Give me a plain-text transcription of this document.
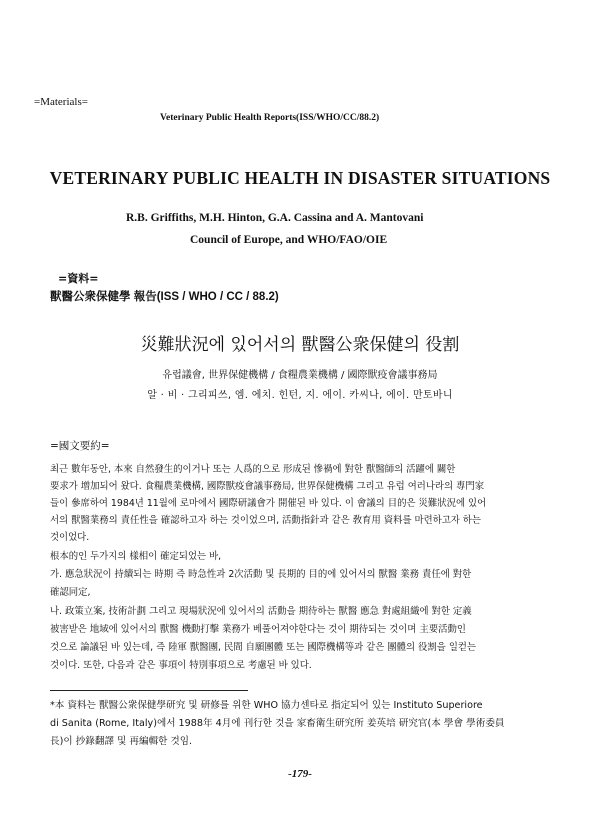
=Materials=
Veterinary Public Health Reports(ISS/WHO/CC/88.2)
VETERINARY PUBLIC HEALTH IN DISASTER SITUATIONS
R.B. Griffiths, M.H. Hinton, G.A. Cassina and A. Mantovani
Council of Europe, and WHO/FAO/OIE
=資料=
獸醫公衆保健學 報告(ISS / WHO / CC / 88.2)
災難狀況에 있어서의 獸醫公衆保健의 役割
유럽議會, 世界保健機構 / 食糧農業機構 / 國際獸疫會議事務局
알 · 비 · 그리피쓰, 엠. 에치. 힌턴, 지. 에이. 카씨나, 에이. 만토바니
=國文要約=
최근 數年동안, 本來 自然發生的이거나 또는 人爲的으로 形成된 慘禍에 對한 獸醫師의 活躍에 關한
要求가 增加되어 왔다. 食糧農業機構, 國際獸疫會議事務局, 世界保健機構 그리고 유럽 여러나라의 專門家
들이 參席하여 1984년 11월에 로마에서 國際研議會가 開催된 바 있다. 이 會議의 目的은 災難狀況에 있어
서의 獸醫業務의 責任性을 確認하고자 하는 것이었으며, 活動指針과 같은 敎育用 資料를 마련하고자 하는
것이었다.
根本的인 두가지의 樣相이 確定되었는 바,
가. 應急狀況이 持續되는 時期 즉 時急性과 2次活動 및 長期的 目的에 있어서의 獸醫 業務 責任에 對한
確認同定,
나. 政策立案, 技術計劃 그리고 現場狀況에 있어서의 活動을 期待하는 獸醫 應急 對處組織에 對한 定義
被害받은 地域에 있어서의 獸醫 機動打擊 業務가 베풀어져야한다는 것이 期待되는 것이며 主要活動인
것으로 論議된 바 있는데, 즉 陸軍 獸醫團, 民間 自願團體 또는 國際機構等과 같은 團體의 役割을 일컫는
것이다. 또한, 다음과 같은 事項이 特別事項으로 考慮된 바 있다.
*本 資料는 獸醫公衆保健學研究 및 研修를 위한 WHO 協力센타로 指定되어 있는 Institut⁠o Superiore
di Sanita (Rome, Italy)에서 1988年 4月에 刊行한 것을 家畜衛生研究所 姜英培 研究官(本 學會 學術委員
長)이 抄錄翻譯 및 再編輯한 것임.
-179-
